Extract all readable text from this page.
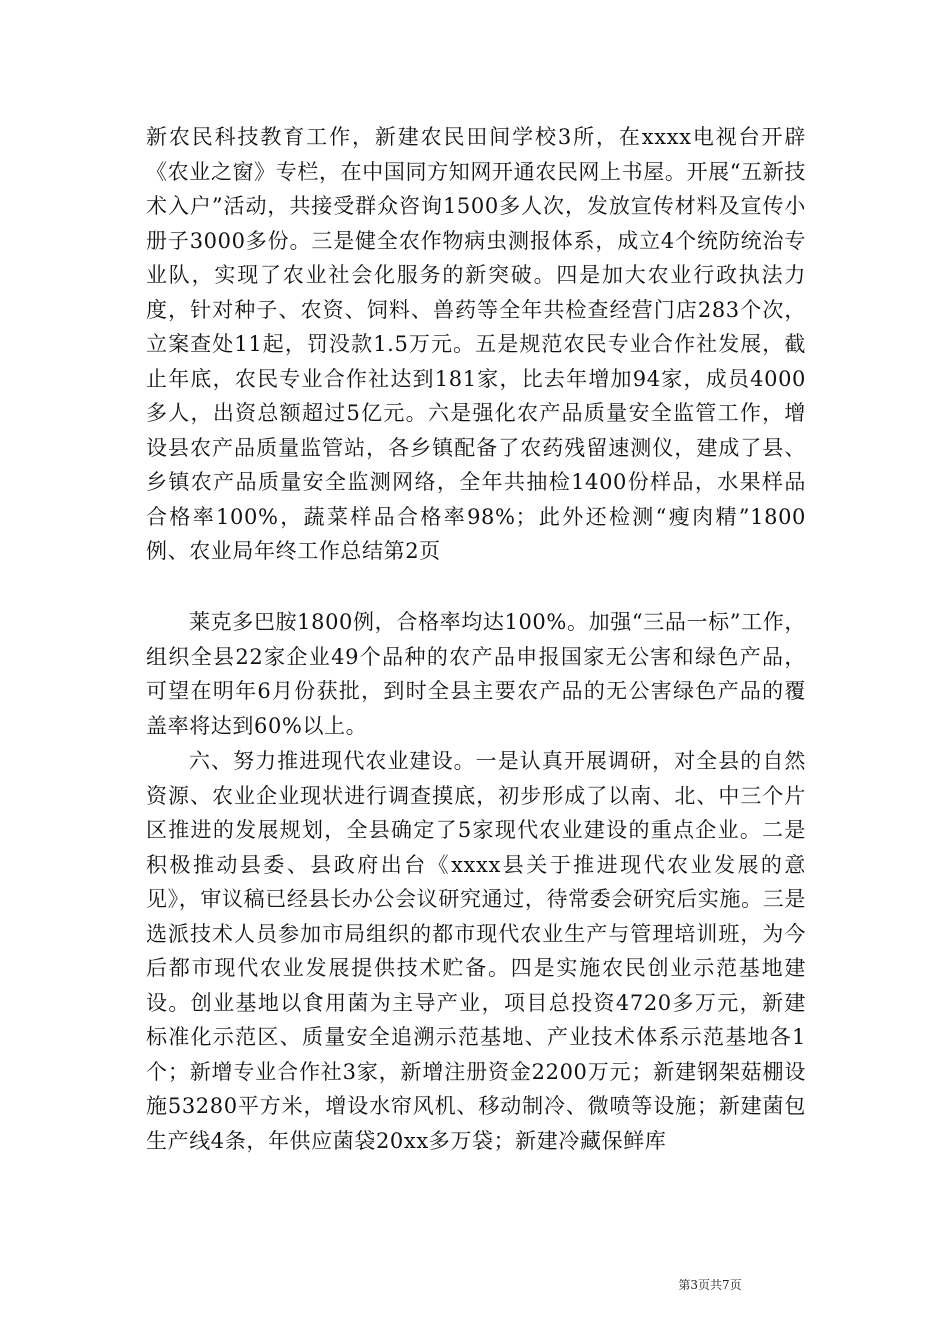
新农民科技教育工作，新建农民田间学校3所，在xxxx电视台开辟《农业之窗》专栏，在中国同方知网开通农民网上书屋。开展“五新技术入户”活动，共接受群众咨询1500多人次，发放宣传材料及宣传小册子3000多份。三是健全农作物病虫测报体系，成立4个统防统治专业队，实现了农业社会化服务的新突破。四是加大农业行政执法力度，针对种子、农资、饲料、兽药等全年共检查经营门店283个次，立案查处11起，罚没款1.5万元。五是规范农民专业合作社发展，截止年底，农民专业合作社达到181家，比去年增加94家，成员4000多人，出资总额超过5亿元。六是强化农产品质量安全监管工作，增设县农产品质量监管站，各乡镇配备了农药残留速测仪，建成了县、乡镇农产品质量安全监测网络，全年共抽检1400份样品，水果样品合格率100%，蔬菜样品合格率98%；此外还检测“瘦肉精”1800例、农业局年终工作总结第2页

莱克多巴胺1800例，合格率均达100%。加强“三品一标”工作，组织全县22家企业49个品种的农产品申报国家无公害和绿色产品，可望在明年6月份获批，到时全县主要农产品的无公害绿色产品的覆盖率将达到60%以上。

六、努力推进现代农业建设。一是认真开展调研，对全县的自然资源、农业企业现状进行调查摸底，初步形成了以南、北、中三个片区推进的发展规划，全县确定了5家现代农业建设的重点企业。二是积极推动县委、县政府出台《xxxx县关于推进现代农业发展的意见》，审议稿已经县长办公会议研究通过，待常委会研究后实施。三是选派技术人员参加市局组织的都市现代农业生产与管理培训班，为今后都市现代农业发展提供技术贮备。四是实施农民创业示范基地建设。创业基地以食用菌为主导产业，项目总投资4720多万元，新建标准化示范区、质量安全追溯示范基地、产业技术体系示范基地各1个；新增专业合作社3家，新增注册资金2200万元；新建钢架菇棚设施53280平方米，增设水帘风机、移动制冷、微喷等设施；新建菌包生产线4条，年供应菌袋20xx多万袋；新建冷藏保鲜库

第3页共7页
